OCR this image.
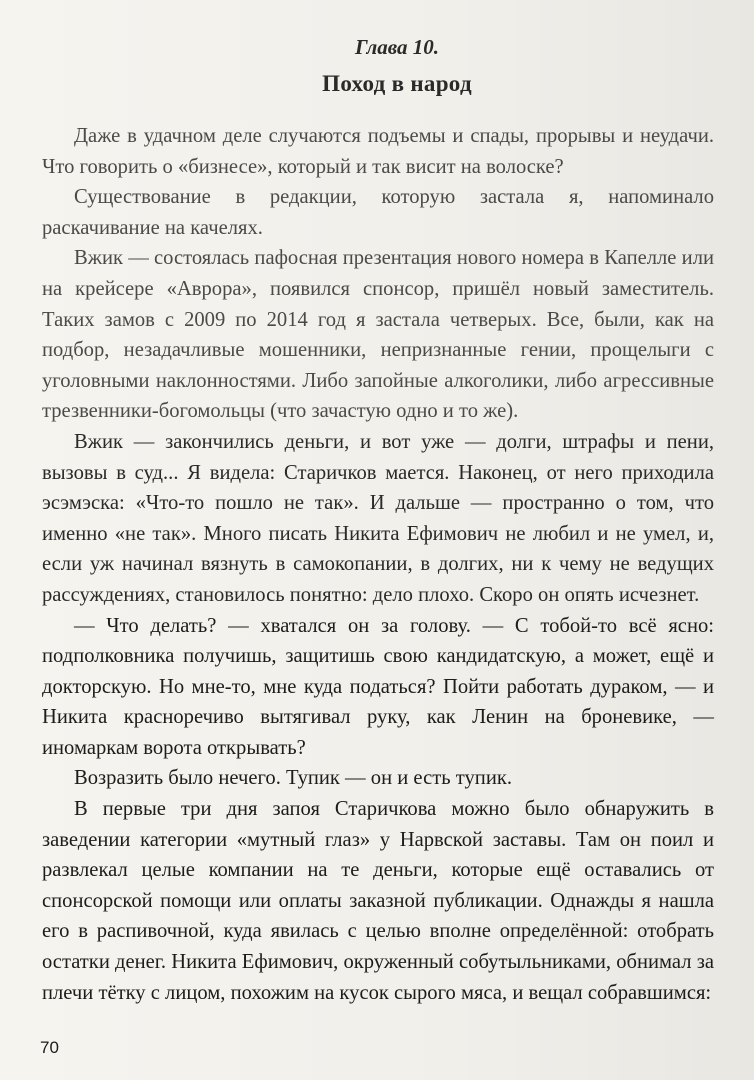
Глава 10.
Поход в народ

Даже в удачном деле случаются подъемы и спады, прорывы и неудачи. Что говорить о «бизнесе», который и так висит на волоске?

Существование в редакции, которую застала я, напоминало раскачивание на качелях.

Вжик — состоялась пафосная презентация нового номера в Капелле или на крейсере «Аврора», появился спонсор, пришёл новый заместитель. Таких замов с 2009 по 2014 год я застала четверых. Все, были, как на подбор, незадачливые мошенники, непризнанные гении, прощелыги с уголовными наклонностями. Либо запойные алкоголики, либо агрессивные трезвенники-богомольцы (что зачастую одно и то же).

Вжик — закончились деньги, и вот уже — долги, штрафы и пени, вызовы в суд... Я видела: Старичков мается. Наконец, от него приходила эсэмэска: «Что-то пошло не так». И дальше — пространно о том, что именно «не так». Много писать Никита Ефимович не любил и не умел, и, если уж начинал вязнуть в самокопании, в долгих, ни к чему не ведущих рассуждениях, становилось понятно: дело плохо. Скоро он опять исчезнет.

— Что делать? — хватался он за голову. — С тобой-то всё ясно: подполковника получишь, защитишь свою кандидатскую, а может, ещё и докторскую. Но мне-то, мне куда податься? Пойти работать дураком, — и Никита красноречиво вытягивал руку, как Ленин на броневике, — иномаркам ворота открывать?

Возразить было нечего. Тупик — он и есть тупик.

В первые три дня запоя Старичкова можно было обнаружить в заведении категории «мутный глаз» у Нарвской заставы. Там он поил и развлекал целые компании на те деньги, которые ещё оставались от спонсорской помощи или оплаты заказной публикации. Однажды я нашла его в распивочной, куда явилась с целью вполне определённой: отобрать остатки денег. Никита Ефимович, окруженный собутыльниками, обнимал за плечи тётку с лицом, похожим на кусок сырого мяса, и вещал собравшимся:

70
